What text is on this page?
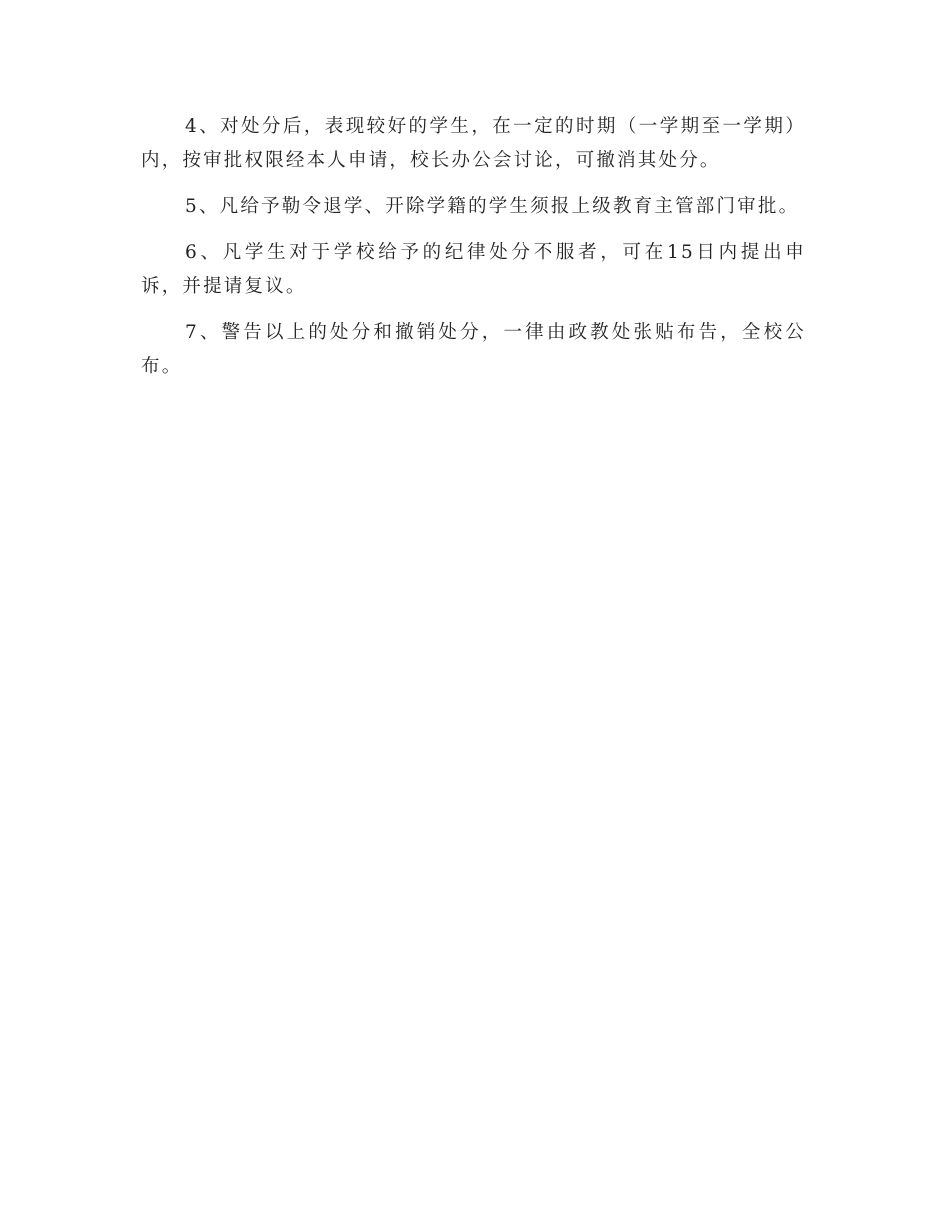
4、对处分后，表现较好的学生，在一定的时期（一学期至一学期）内，按审批权限经本人申请，校长办公会讨论，可撤消其处分。

5、凡给予勒令退学、开除学籍的学生须报上级教育主管部门审批。

6、凡学生对于学校给予的纪律处分不服者，可在15日内提出申诉，并提请复议。

7、警告以上的处分和撤销处分，一律由政教处张贴布告，全校公布。
